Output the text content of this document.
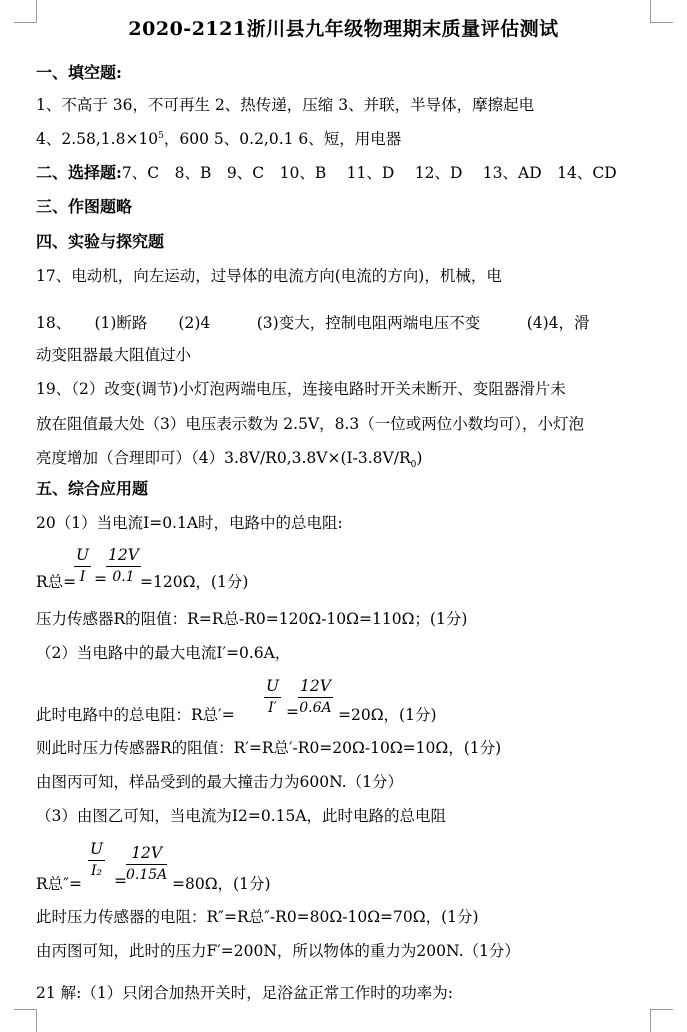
2020-2121浙川县九年级物理期末质量评估测试
一、填空题:
1、不高于 36，不可再生 2、热传递，压缩 3、并联，半导体，摩擦起电
4、$2.58,1.8\times 10^5$，600 5、0.2,0.1 6、短，用电器
二、选择题:7、C　8、B　9、C　10、B　 11、D　 12、D　 13、AD　14、CD
三、作图题略
四、实验与探究题
17、电动机，向左运动，过导体的电流方向(电流的方向)，机械，电
18、　　(1)断路　　(2)4　　　(3)变大，控制电阻两端电压不变　　　(4)4，滑
动变阻器最大阻值过小
19、（2）改变(调节)小灯泡两端电压，连接电路时开关未断开、变阻器滑片未
放在阻值最大处（3）电压表示数为 2.5V，8.3（一位或两位小数均可），小灯泡
亮度增加（合理即可）$(4)3.8V/R0,3.8V\times(I-3.8V/R_0)$
五、综合应用题
20（1）当电流I=0.1A时，电路中的总电阻:
R总=
$\frac{U}{I} = \frac{12V}{0.1} =120\Omega$，(1分)
压力传感器R的阻值：R=R总-R0=120Ω-10Ω=110Ω；(1分)
（2）当电路中的最大电流I′=0.6A，
此时电路中的总电阻：R总′= $\frac{U}{I'} = \frac{12V}{0.6A} =20\Omega$，(1分)
则此时压力传感器R的阻值：R′=R总′-R0=20Ω-10Ω=10Ω，(1分)
由图丙可知，样品受到的最大撞击力为600N.（1分）
（3）由图乙可知，当电流为I2=0.15A，此时电路的总电阻
R总″=
$\frac{U}{\text{I₂}} = \frac{12V}{0.15A} =80\Omega$，(1分)
此时压力传感器的电阻：R″=R总″-R0=80Ω-10Ω=70Ω，(1分)
由丙图可知，此时的压力F′=200N，所以物体的重力为200N.（1分）
21 解:（1）只闭合加热开关时，足浴盆正常工作时的功率为:
